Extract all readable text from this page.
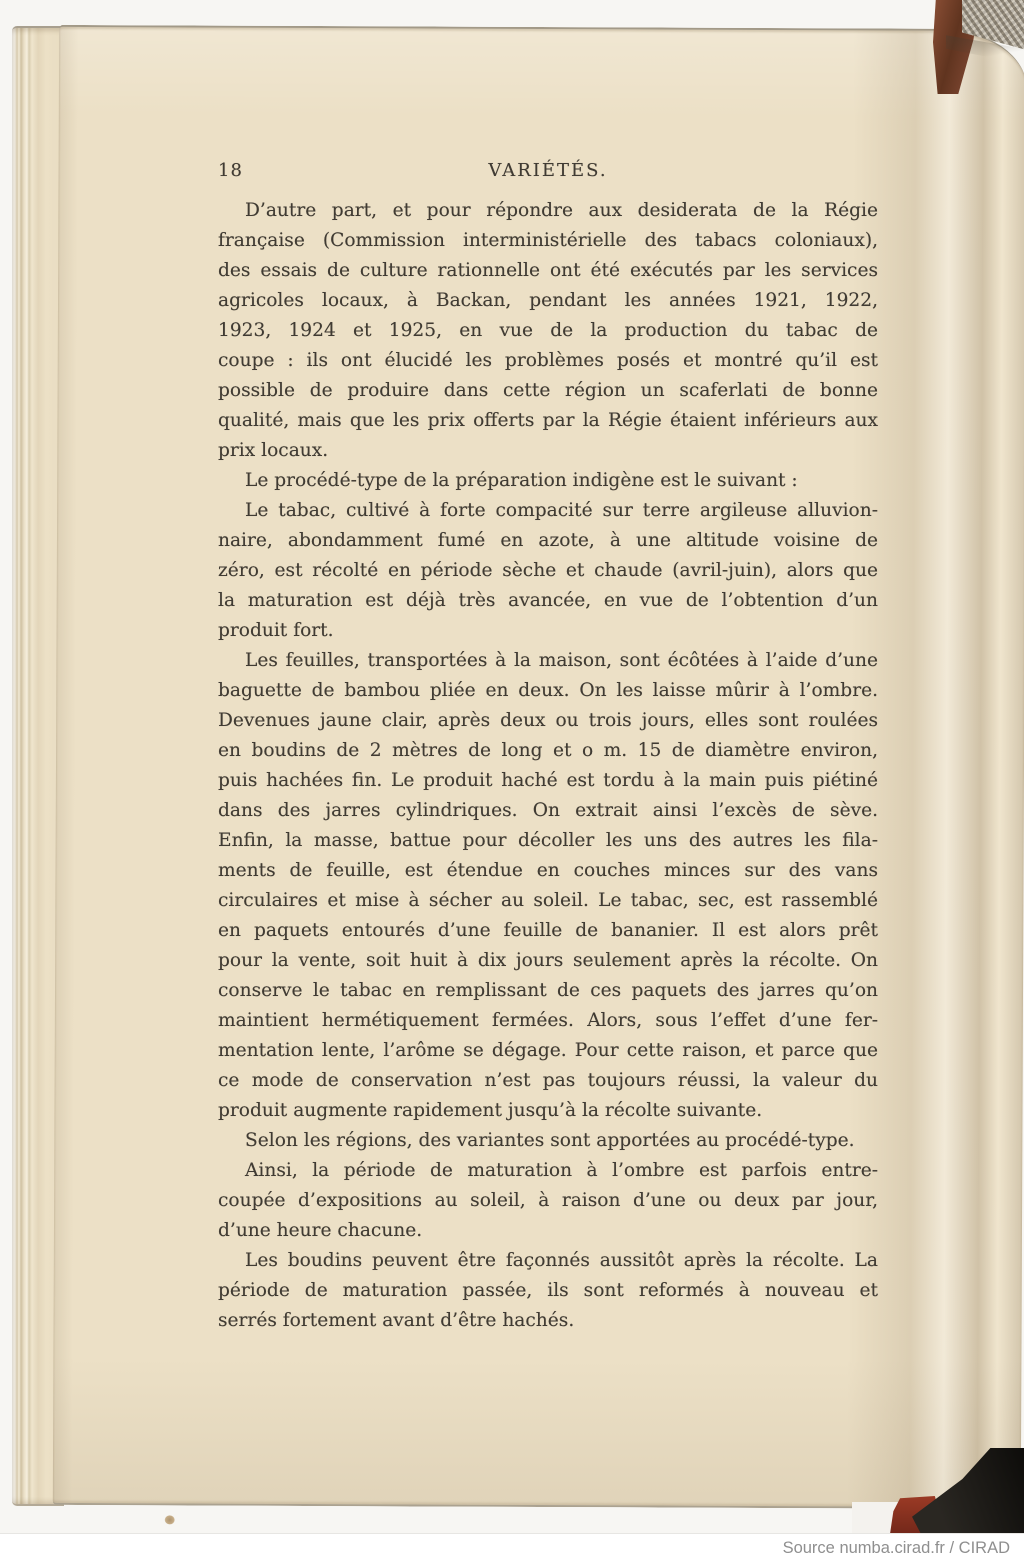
18	VARIÉTÉS.
D’autre part, et pour répondre aux desiderata de la Régie
française (Commission interministérielle des tabacs coloniaux),
des essais de culture rationnelle ont été exécutés par les services
agricoles locaux, à Backan, pendant les années 1921, 1922,
1923, 1924 et 1925, en vue de la production du tabac de
coupe : ils ont élucidé les problèmes posés et montré qu’il est
possible de produire dans cette région un scaferlati de bonne
qualité, mais que les prix offerts par la Régie étaient inférieurs aux
prix locaux.
Le procédé-type de la préparation indigène est le suivant :
Le tabac, cultivé à forte compacité sur terre argileuse alluvion-
naire, abondamment fumé en azote, à une altitude voisine de
zéro, est récolté en période sèche et chaude (avril-juin), alors que
la maturation est déjà très avancée, en vue de l’obtention d’un
produit fort.
Les feuilles, transportées à la maison, sont écôtées à l’aide d’une
baguette de bambou pliée en deux. On les laisse mûrir à l’ombre.
Devenues jaune clair, après deux ou trois jours, elles sont roulées
en boudins de 2 mètres de long et o m. 15 de diamètre environ,
puis hachées fin. Le produit haché est tordu à la main puis piétiné
dans des jarres cylindriques. On extrait ainsi l’excès de sève.
Enfin, la masse, battue pour décoller les uns des autres les fila-
ments de feuille, est étendue en couches minces sur des vans
circulaires et mise à sécher au soleil. Le tabac, sec, est rassemblé
en paquets entourés d’une feuille de bananier. Il est alors prêt
pour la vente, soit huit à dix jours seulement après la récolte. On
conserve le tabac en remplissant de ces paquets des jarres qu’on
maintient hermétiquement fermées. Alors, sous l’effet d’une fer-
mentation lente, l’arôme se dégage. Pour cette raison, et parce que
ce mode de conservation n’est pas toujours réussi, la valeur du
produit augmente rapidement jusqu’à la récolte suivante.
Selon les régions, des variantes sont apportées au procédé-type.
Ainsi, la période de maturation à l’ombre est parfois entre-
coupée d’expositions au soleil, à raison d’une ou deux par jour,
d’une heure chacune.
Les boudins peuvent être façonnés aussitôt après la récolte. La
période de maturation passée, ils sont reformés à nouveau et
serrés fortement avant d’être hachés.
Source numba.cirad.fr / CIRAD
